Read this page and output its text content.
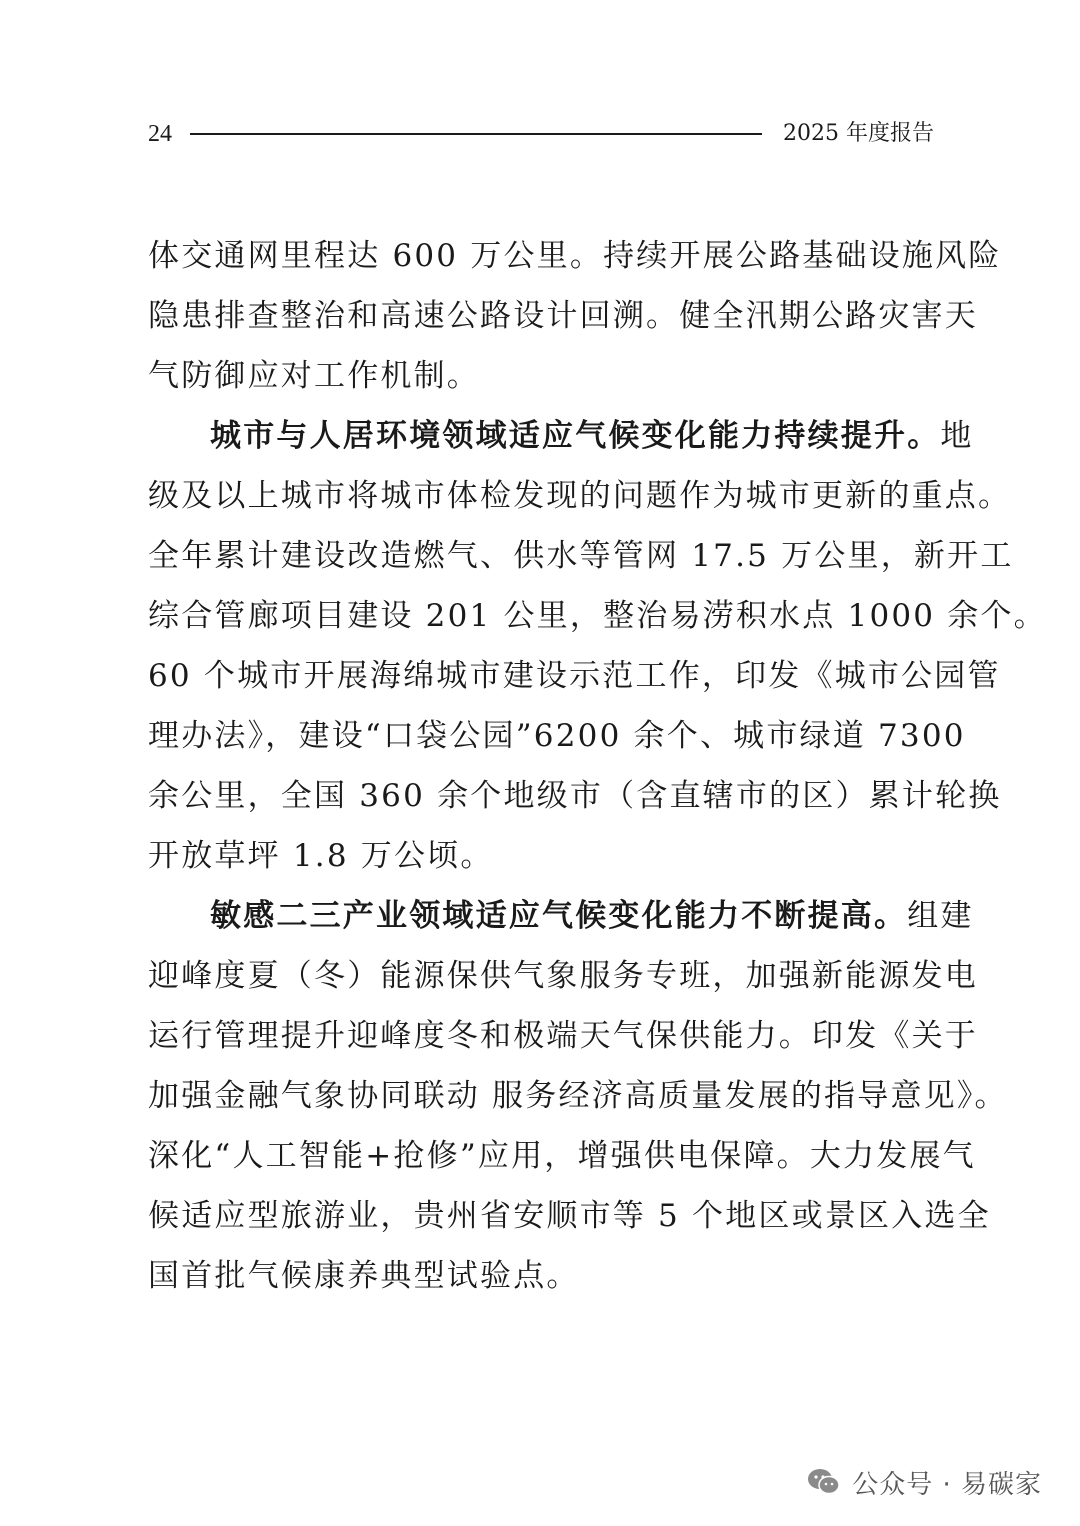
24	2025 年度报告
体交通网里程达 600 万公里。持续开展公路基础设施风险
隐患排查整治和高速公路设计回溯。健全汛期公路灾害天
气防御应对工作机制。
城市与人居环境领域适应气候变化能力持续提升。地
级及以上城市将城市体检发现的问题作为城市更新的重点。
全年累计建设改造燃气、供水等管网 17.5 万公里，新开工
综合管廊项目建设 201 公里，整治易涝积水点 1000 余个。
60 个城市开展海绵城市建设示范工作，印发《城市公园管
理办法》，建设“口袋公园”6200 余个、城市绿道 7300
余公里，全国 360 余个地级市（含直辖市的区）累计轮换
开放草坪 1.8 万公顷。
敏感二三产业领域适应气候变化能力不断提高。组建
迎峰度夏（冬）能源保供气象服务专班，加强新能源发电
运行管理提升迎峰度冬和极端天气保供能力。印发《关于
加强金融气象协同联动 服务经济高质量发展的指导意见》。
深化“人工智能+抢修”应用，增强供电保障。大力发展气
候适应型旅游业，贵州省安顺市等 5 个地区或景区入选全
国首批气候康养典型试验点。
公众号 · 易碳家
